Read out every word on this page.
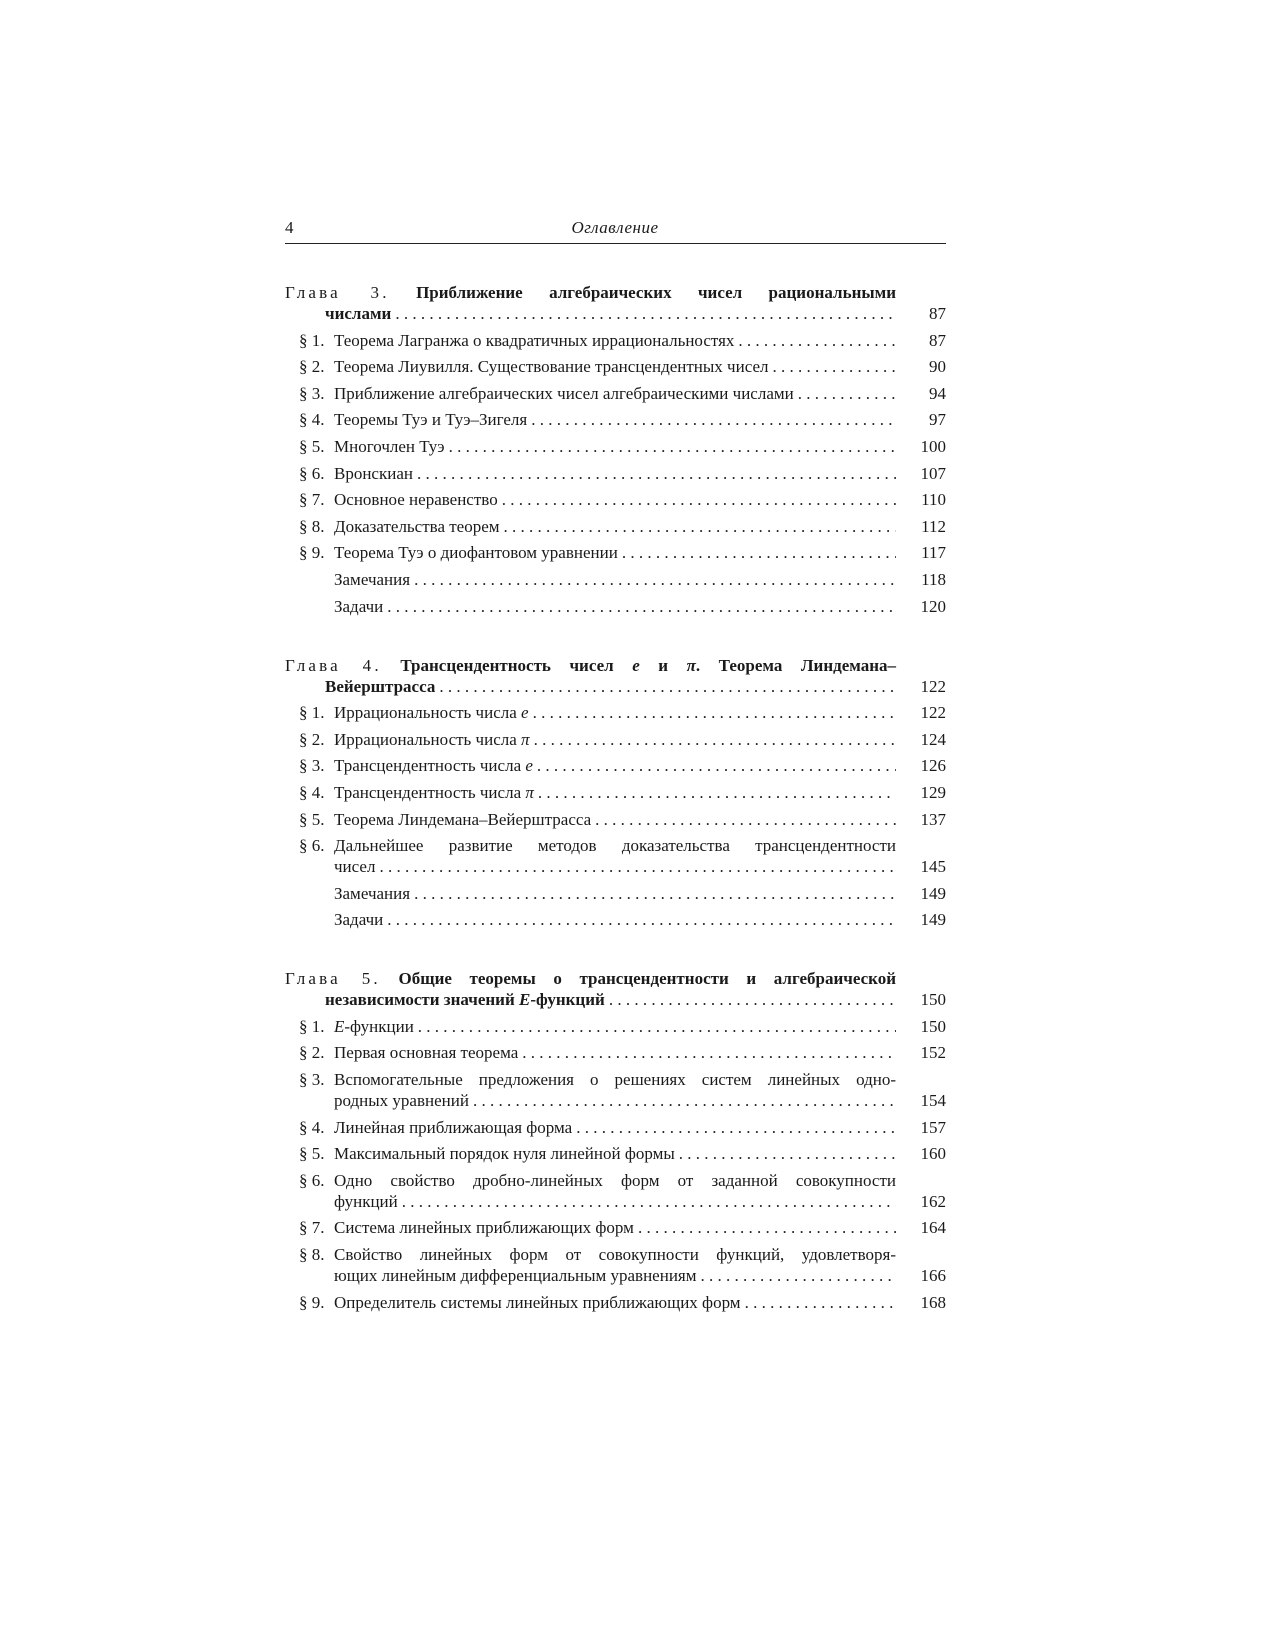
4	Оглавление
Глава 3. Приближение алгебраических чисел рациональными
числами . . .	87
§ 1. Теорема Лагранжа о квадратичных иррациональностях . . .	87
§ 2. Теорема Лиувилля. Существование трансцендентных чисел . . .	90
§ 3. Приближение алгебраических чисел алгебраическими числами . . .	94
§ 4. Теоремы Туэ и Туэ–Зигеля . . .	97
§ 5. Многочлен Туэ . . .	100
§ 6. Вронскиан . . .	107
§ 7. Основное неравенство . . .	110
§ 8. Доказательства теорем . . .	112
§ 9. Теорема Туэ о диофантовом уравнении . . .	117
Замечания . . .	118
Задачи . . .	120
Глава 4. Трансцендентность чисел e и π. Теорема Линдемана–
Вейерштрасса . . .	122
§ 1. Иррациональность числа e . . .	122
§ 2. Иррациональность числа π . . .	124
§ 3. Трансцендентность числа e . . .	126
§ 4. Трансцендентность числа π . . .	129
§ 5. Теорема Линдемана–Вейерштрасса . . .	137
§ 6. Дальнейшее развитие методов доказательства трансцендентности
чисел . . .	145
Замечания . . .	149
Задачи . . .	149
Глава 5. Общие теоремы о трансцендентности и алгебраической
независимости значений E-функций . . .	150
§ 1. E-функции . . .	150
§ 2. Первая основная теорема . . .	152
§ 3. Вспомогательные предложения о решениях систем линейных одно-
родных уравнений . . .	154
§ 4. Линейная приближающая форма . . .	157
§ 5. Максимальный порядок нуля линейной формы . . .	160
§ 6. Одно свойство дробно-линейных форм от заданной совокупности
функций . . .	162
§ 7. Система линейных приближающих форм . . .	164
§ 8. Свойство линейных форм от совокупности функций, удовлетворя-
ющих линейным дифференциальным уравнениям . . .	166
§ 9. Определитель системы линейных приближающих форм . . .	168
